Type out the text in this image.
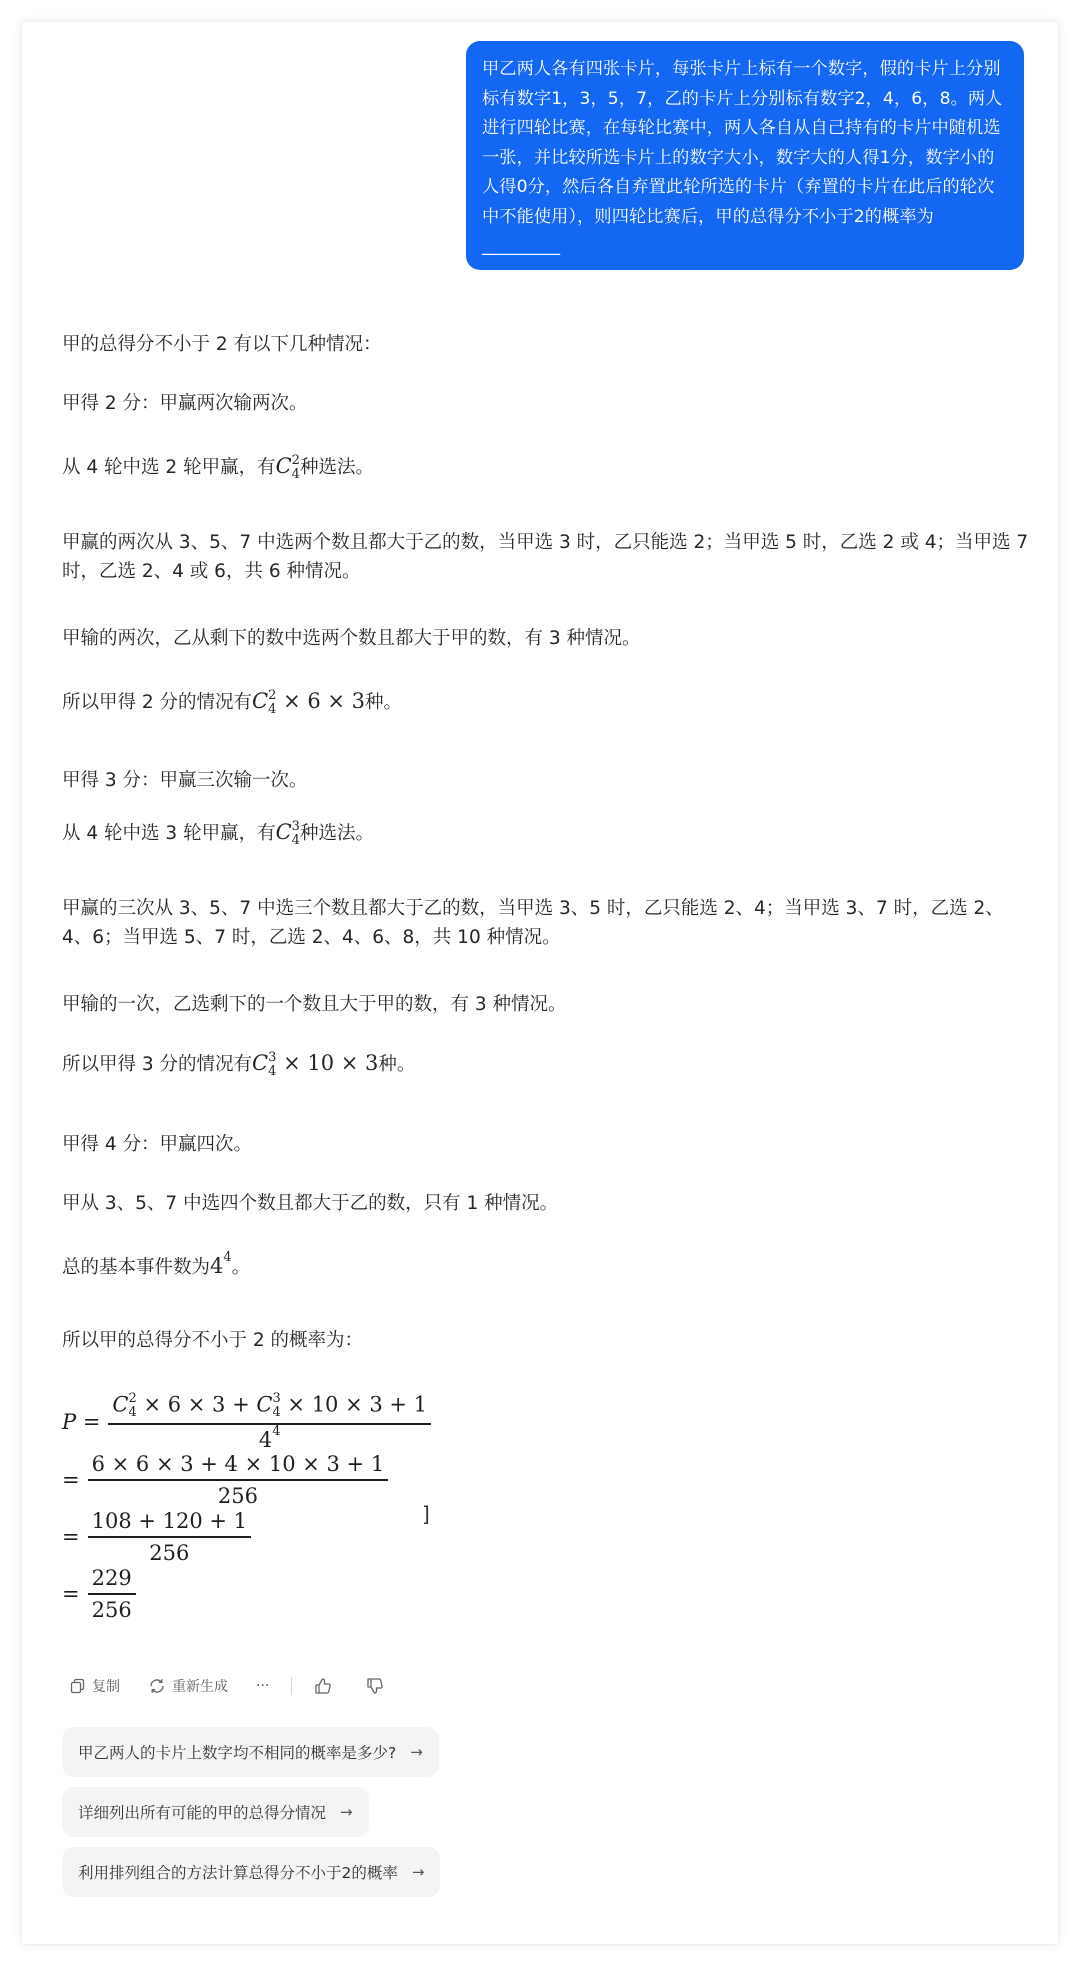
甲乙两人各有四张卡片，每张卡片上标有一个数字，假的卡片上分别标有数字1，3，5，7，乙的卡片上分别标有数字2，4，6，8。两人进行四轮比赛，在每轮比赛中，两人各自从自己持有的卡片中随机选一张，并比较所选卡片上的数字大小，数字大的人得1分，数字小的人得0分，然后各自弃置此轮所选的卡片（弃置的卡片在此后的轮次中不能使用），则四轮比赛后，甲的总得分不小于2的概率为_________
甲的总得分不小于 2 有以下几种情况：
甲得 2 分：甲赢两次输两次。
从 4 轮中选 2 轮甲赢，有C 2
4 种选法。
甲赢的两次从 3、5、7 中选两个数且都大于乙的数，当甲选 3 时，乙只能选 2；当甲选 5 时，乙选 2 或 4；当甲选 7 时，乙选 2、4 或 6，共 6 种情况。
甲输的两次，乙从剩下的数中选两个数且都大于甲的数，有 3 种情况。
所以甲得 2 分的情况有C 2
4 × 6 × 3种。
甲得 3 分：甲赢三次输一次。
从 4 轮中选 3 轮甲赢，有C 3
4 种选法。
甲赢的三次从 3、5、7 中选三个数且都大于乙的数，当甲选 3、5 时，乙只能选 2、4；当甲选 3、7 时，乙选 2、4、6；当甲选 5、7 时，乙选 2、4、6、8，共 10 种情况。
甲输的一次，乙选剩下的一个数且大于甲的数，有 3 种情况。
所以甲得 3 分的情况有C 3
4 × 10 × 3种。
甲得 4 分：甲赢四次。
甲从 3、5、7 中选四个数且都大于乙的数，只有 1 种情况。
总的基本事件数为$4^4$。
所以甲的总得分不小于 2 的概率为：
P = C 2
4 × 6 × 3 + C 3
4 × 10 × 3 + 1
$4^4$
= $\frac{6 \times 6 \times 3 + 4 \times 10 \times 3 + 1}{256}$
= $\frac{108 + 120 + 1}{256}$
= $\frac{229}{256}$
]
复制	重新生成 ···
甲乙两人的卡片上数字均不相同的概率是多少? →
详细列出所有可能的甲的总得分情况 →
利用排列组合的方法计算总得分不小于2的概率 →
